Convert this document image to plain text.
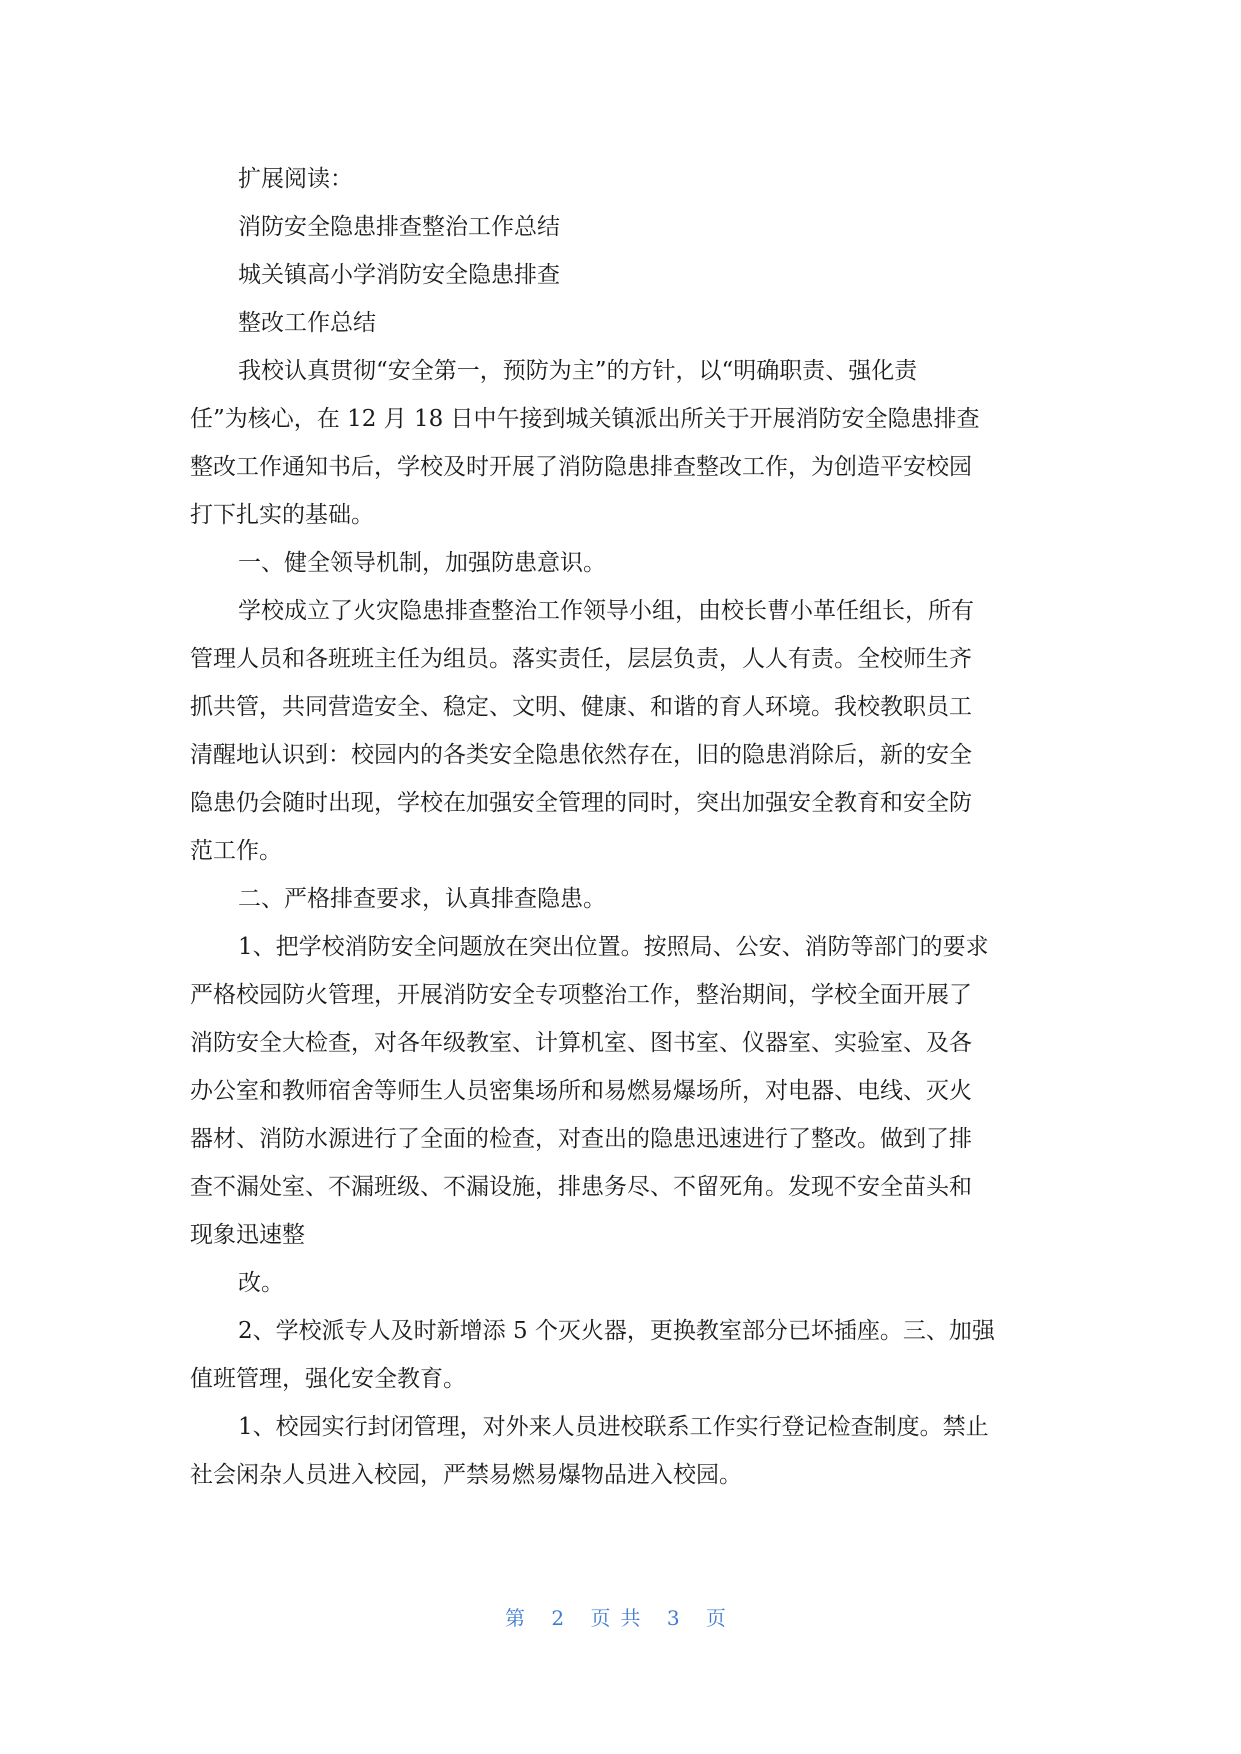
扩展阅读：
消防安全隐患排查整治工作总结
城关镇高小学消防安全隐患排查
整改工作总结
我校认真贯彻“安全第一，预防为主”的方针，以“明确职责、强化责
任”为核心，在 12 月 18 日中午接到城关镇派出所关于开展消防安全隐患排查
整改工作通知书后，学校及时开展了消防隐患排查整改工作，为创造平安校园
打下扎实的基础。
一、健全领导机制，加强防患意识。
学校成立了火灾隐患排查整治工作领导小组，由校长曹小革任组长，所有
管理人员和各班班主任为组员。落实责任，层层负责，人人有责。全校师生齐
抓共管，共同营造安全、稳定、文明、健康、和谐的育人环境。我校教职员工
清醒地认识到：校园内的各类安全隐患依然存在，旧的隐患消除后，新的安全
隐患仍会随时出现，学校在加强安全管理的同时，突出加强安全教育和安全防
范工作。
二、严格排查要求，认真排查隐患。
1、把学校消防安全问题放在突出位置。按照局、公安、消防等部门的要求
严格校园防火管理，开展消防安全专项整治工作，整治期间，学校全面开展了
消防安全大检查，对各年级教室、计算机室、图书室、仪器室、实验室、及各
办公室和教师宿舍等师生人员密集场所和易燃易爆场所，对电器、电线、灭火
器材、消防水源进行了全面的检查，对查出的隐患迅速进行了整改。做到了排
查不漏处室、不漏班级、不漏设施，排患务尽、不留死角。发现不安全苗头和
现象迅速整
改。
2、学校派专人及时新增添 5 个灭火器，更换教室部分已坏插座。三、加强
值班管理，强化安全教育。
1、校园实行封闭管理，对外来人员进校联系工作实行登记检查制度。禁止
社会闲杂人员进入校园，严禁易燃易爆物品进入校园。
第 2 页共 3 页
